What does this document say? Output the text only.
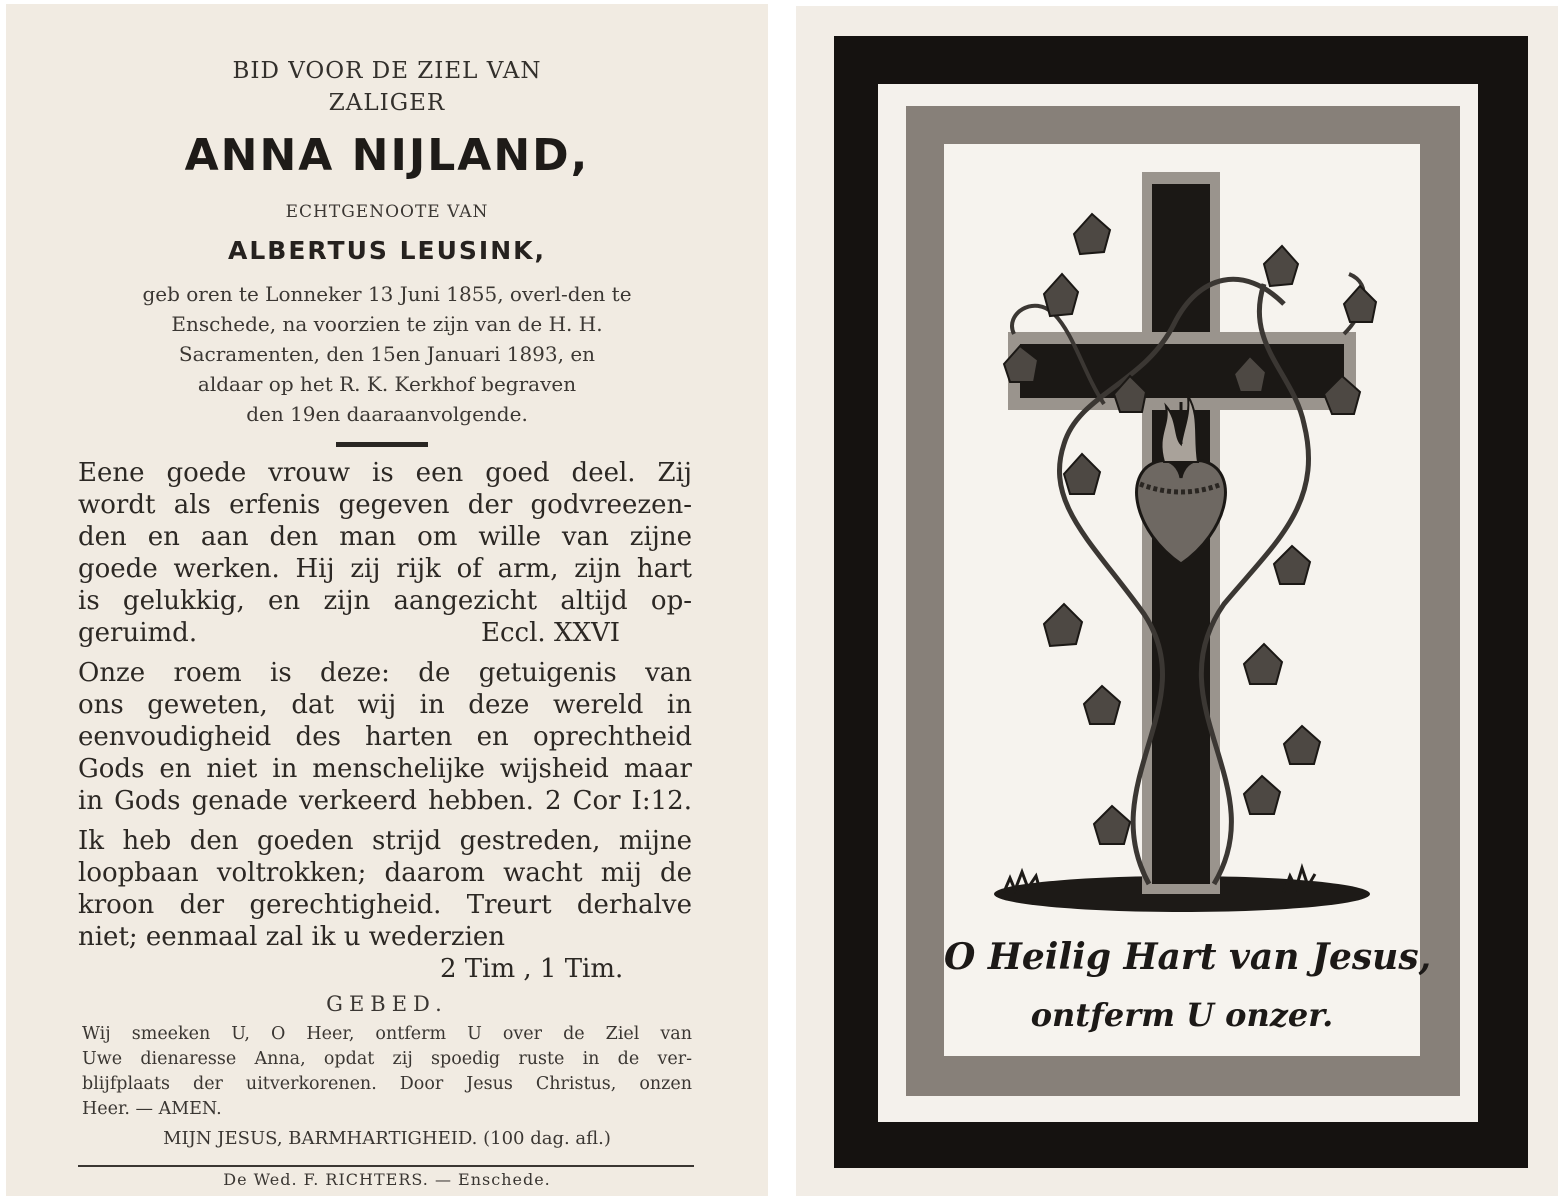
BID VOOR DE ZIEL VAN
ZALIGER
ANNA NIJLAND,
ECHTGENOOTE VAN
ALBERTUS LEUSINK,
geb oren te Lonneker 13 Juni 1855, overl-den te
Enschede, na voorzien te zijn van de H. H.
Sacramenten, den 15en Januari 1893, en
aldaar op het R. K. Kerkhof begraven
den 19en daaraanvolgende.
Eene goede vrouw is een goed deel. Zij
wordt als erfenis gegeven der godvreezen-
den en aan den man om wille van zijne
goede werken. Hij zij rijk of arm, zijn hart
is gelukkig, en zijn aangezicht altijd op-
geruimd.	Eccl. XXVI
Onze roem is deze: de getuigenis van
ons geweten, dat wij in deze wereld in
eenvoudigheid des harten en oprechtheid
Gods en niet in menschelijke wijsheid maar
in Gods genade verkeerd hebben. 2 Cor I:12.
Ik heb den goeden strijd gestreden, mijne
loopbaan voltrokken; daarom wacht mij de
kroon der gerechtigheid. Treurt derhalve
niet; eenmaal zal ik u wederzien
2 Tim , 1 Tim.
GEBED.
Wij smeeken U, O Heer, ontferm U over de Ziel van
Uwe dienaresse Anna, opdat zij spoedig ruste in de ver-
blijfplaats der uitverkorenen. Door Jesus Christus, onzen
Heer. — AMEN.
MIJN JESUS, BARMHARTIGHEID. (100 dag. afl.)
De Wed. F. RICHTERS. — Enschede.
O Heilig Hart van Jesus,
ontferm U onzer.
